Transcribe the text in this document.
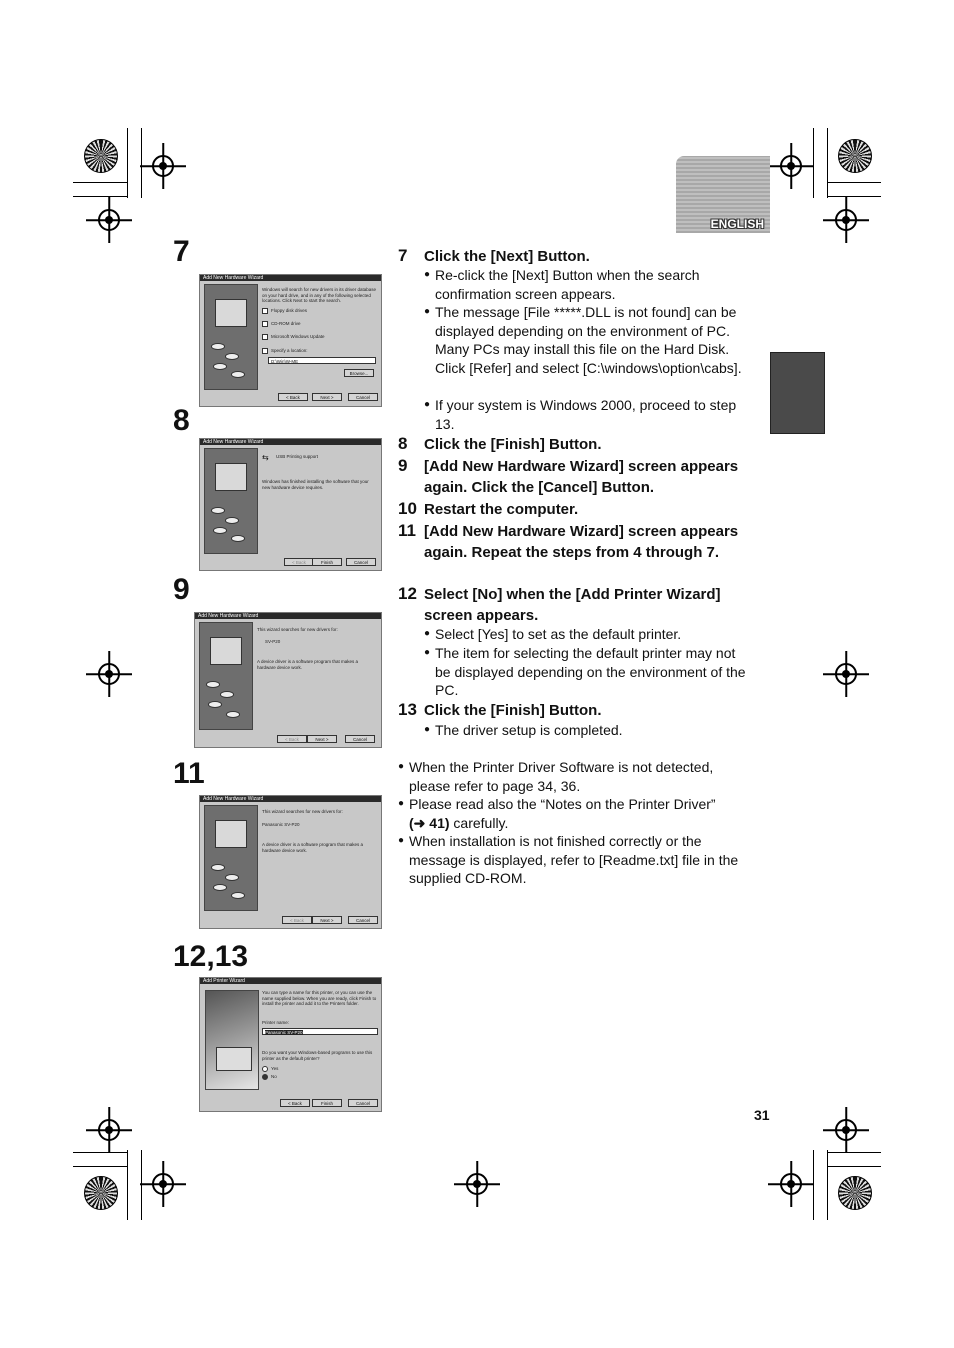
ENGLISH
7
Add New Hardware Wizard
Windows will search for new drivers in its driver database on your hard drive, and in any of the following selected locations. Click Next to start the search.
Floppy disk drives
CD-ROM drive
Microsoft Windows Update
Specify a location:
D:\Win\W-ME
Browse...
< Back	Next >	Cancel
8
Add New Hardware Wizard
USB Printing support
⇆
Windows has finished installing the software that your new hardware device requires.
< Back	Finish	Cancel
9
Add New Hardware Wizard
This wizard searches for new drivers for:
SV-P20
A device driver is a software program that makes a hardware device work.
< Back	Next >	Cancel
11
Add New Hardware Wizard
This wizard searches for new drivers for:
Panasonic SV-P20
A device driver is a software program that makes a hardware device work.
< Back	Next >	Cancel
12,13
Add Printer Wizard
You can type a name for this printer, or you can use the name supplied below. When you are ready, click Finish to install the printer and add it to the Printers folder.
Printer name:
Panasonic SV-P20
Do you want your Windows-based programs to use this printer as the default printer?
Yes
No
< Back	Finish	Cancel
7 Click the [Next] Button.
● Re-click the [Next] Button when the search confirmation screen appears.
● The message [File *****.DLL is not found] can be displayed depending on the environment of PC. Many PCs may install this file on the Hard Disk. Click [Refer] and select [C:\windows\option\cabs].
● If your system is Windows 2000, proceed to step 13.
8 Click the [Finish] Button.
9 [Add New Hardware Wizard] screen appears again. Click the [Cancel] Button.
10 Restart the computer.
11 [Add New Hardware Wizard] screen appears again. Repeat the steps from 4 through 7.
12 Select [No] when the [Add Printer Wizard] screen appears.
● Select [Yes] to set as the default printer.
● The item for selecting the default printer may not be displayed depending on the environment of the PC.
13 Click the [Finish] Button.
● The driver setup is completed.
● When the Printer Driver Software is not detected, please refer to page 34, 36.
● Please read also the “Notes on the Printer Driver”
(➜ 41) carefully.
● When installation is not finished correctly or the message is displayed, refer to [Readme.txt] file in the supplied CD-ROM.
31
